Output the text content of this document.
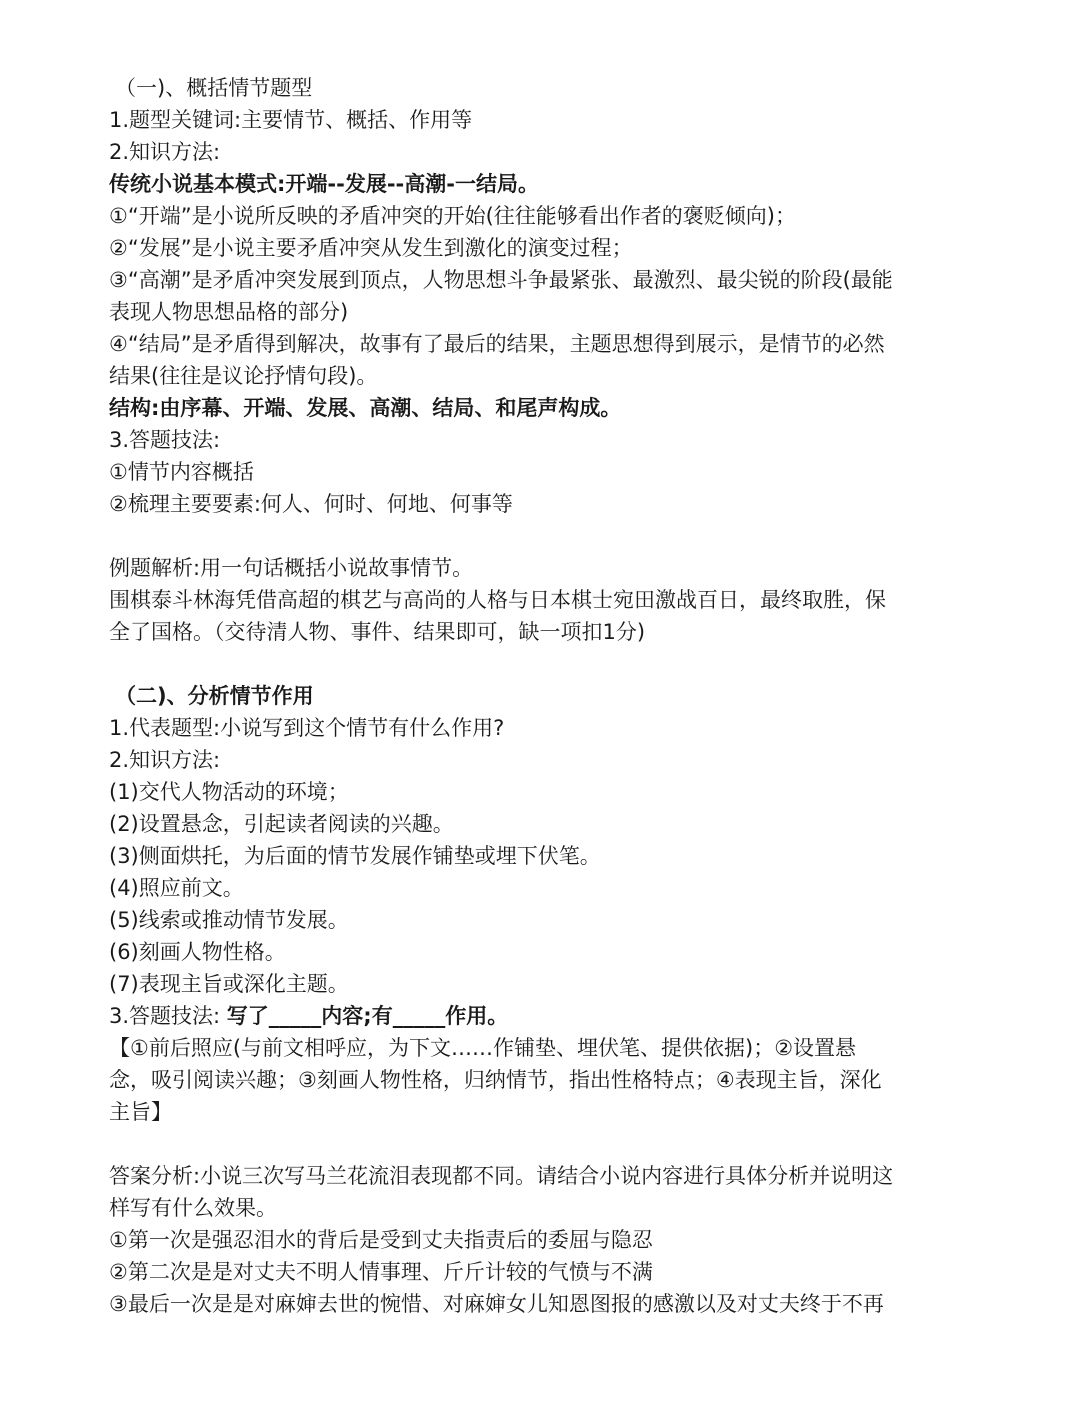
（一)、概括情节题型
1.题型关键词:主要情节、概括、作用等
2.知识方法:
传统小说基本模式:开端--发展--高潮-一结局。
①“开端”是小说所反映的矛盾冲突的开始(往往能够看出作者的褒贬倾向)；
②“发展”是小说主要矛盾冲突从发生到激化的演变过程；
③“高潮”是矛盾冲突发展到顶点，人物思想斗争最紧张、最激烈、最尖锐的阶段(最能
表现人物思想品格的部分)
④“结局”是矛盾得到解决，故事有了最后的结果，主题思想得到展示，是情节的必然
结果(往往是议论抒情句段)。
结构:由序幕、开端、发展、高潮、结局、和尾声构成。
3.答题技法:
①情节内容概括
②梳理主要要素:何人、何时、何地、何事等
例题解析:用一句话概括小说故事情节。
围棋泰斗林海凭借高超的棋艺与高尚的人格与日本棋士宛田激战百日，最终取胜，保
全了国格。（交待清人物、事件、结果即可，缺一项扣1分)
（二)、分析情节作用
1.代表题型:小说写到这个情节有什么作用?
2.知识方法:
(1)交代人物活动的环境；
(2)设置悬念，引起读者阅读的兴趣。
(3)侧面烘托，为后面的情节发展作铺垫或埋下伏笔。
(4)照应前文。
(5)线索或推动情节发展。
(6)刻画人物性格。
(7)表现主旨或深化主题。
3.答题技法: 写了_____内容;有_____作用。
【①前后照应(与前文相呼应，为下文……作铺垫、埋伏笔、提供依据)；②设置悬
念，吸引阅读兴趣；③刻画人物性格，归纳情节，指出性格特点；④表现主旨，深化
主旨】
答案分析:小说三次写马兰花流泪表现都不同。请结合小说内容进行具体分析并说明这
样写有什么效果。
①第一次是强忍泪水的背后是受到丈夫指责后的委屈与隐忍
②第二次是是对丈夫不明人情事理、斤斤计较的气愤与不满
③最后一次是是对麻婶去世的惋惜、对麻婶女儿知恩图报的感激以及对丈夫终于不再
